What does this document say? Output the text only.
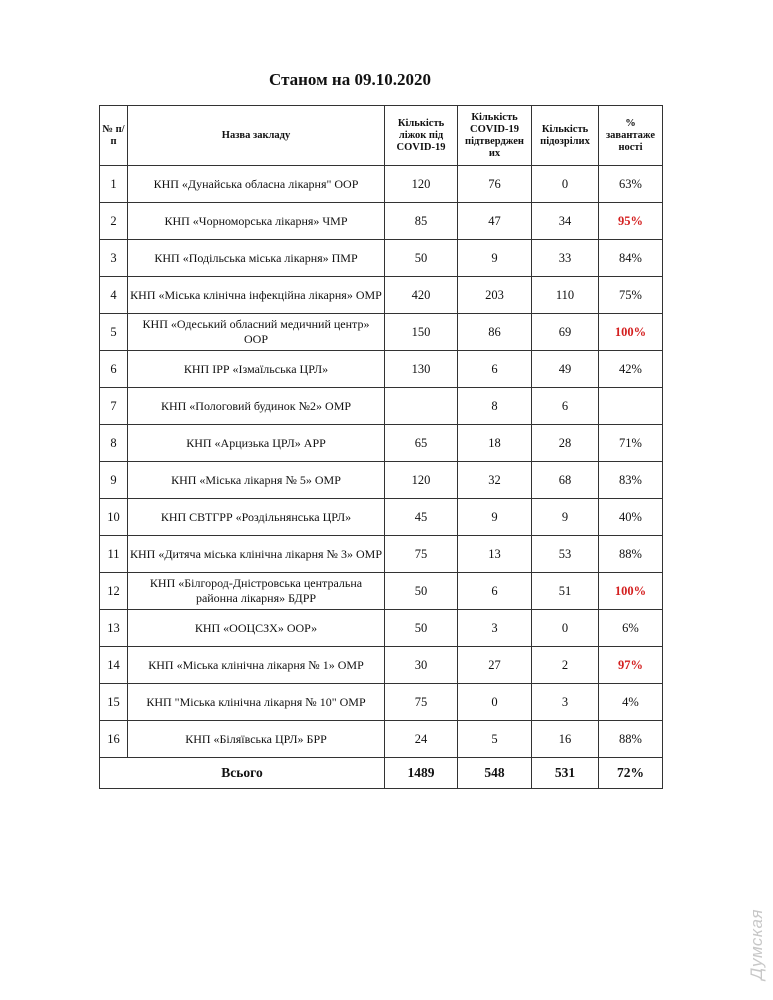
Станом на 09.10.2020
№ п/п	Назва закладу	Кількість ліжок під COVID-19	Кількість COVID-19 підтверджен их	Кількість підозрілих	% завантаже ності
1	КНП «Дунайська обласна лікарня" ООР	120	76	0	63%
2	КНП «Чорноморська лікарня» ЧМР	85	47	34	95%
3	КНП «Подільська міська лікарня» ПМР	50	9	33	84%
4	КНП «Міська клінічна інфекційна лікарня» ОМР	420	203	110	75%
5	КНП «Одеський обласний медичний центр» ООР	150	86	69	100%
6	КНП ІРР «Ізмаїльська ЦРЛ»	130	6	49	42%
7	КНП «Пологовий будинок №2» ОМР		8	6	
8	КНП «Арцизька ЦРЛ» АРР	65	18	28	71%
9	КНП «Міська лікарня № 5» ОМР	120	32	68	83%
10	КНП СВТГРР «Роздільнянська ЦРЛ»	45	9	9	40%
11	КНП «Дитяча міська клінічна лікарня № 3» ОМР	75	13	53	88%
12	КНП «Білгород-Дністровська центральна районна лікарня» БДРР	50	6	51	100%
13	КНП «ООЦСЗХ» ООР»	50	3	0	6%
14	КНП «Міська клінічна лікарня № 1» ОМР	30	27	2	97%
15	КНП "Міська клінічна лікарня № 10" ОМР	75	0	3	4%
16	КНП «Біляївська ЦРЛ» БРР	24	5	16	88%
Всього		1489	548	531	72%
Думская
